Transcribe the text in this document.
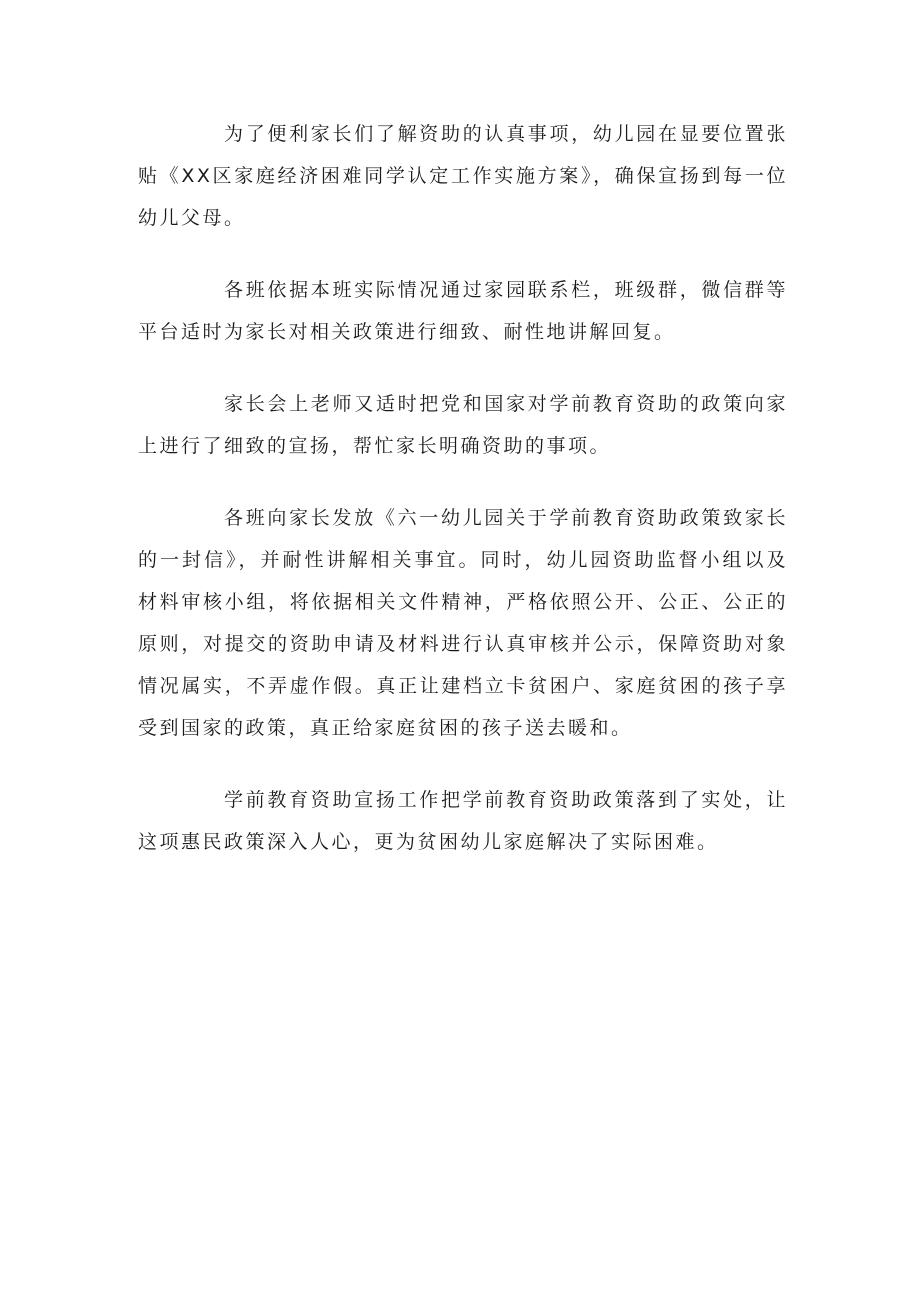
为了便利家长们了解资助的认真事项，幼儿园在显要位置张贴《XX区家庭经济困难同学认定工作实施方案》，确保宣扬到每一位幼儿父母。

各班依据本班实际情况通过家园联系栏，班级群，微信群等平台适时为家长对相关政策进行细致、耐性地讲解回复。

家长会上老师又适时把党和国家对学前教育资助的政策向家上进行了细致的宣扬，帮忙家长明确资助的事项。

各班向家长发放《六一幼儿园关于学前教育资助政策致家长的一封信》，并耐性讲解相关事宜。同时，幼儿园资助监督小组以及材料审核小组，将依据相关文件精神，严格依照公开、公正、公正的原则，对提交的资助申请及材料进行认真审核并公示，保障资助对象情况属实，不弄虚作假。真正让建档立卡贫困户、家庭贫困的孩子享受到国家的政策，真正给家庭贫困的孩子送去暖和。

学前教育资助宣扬工作把学前教育资助政策落到了实处，让这项惠民政策深入人心，更为贫困幼儿家庭解决了实际困难。
